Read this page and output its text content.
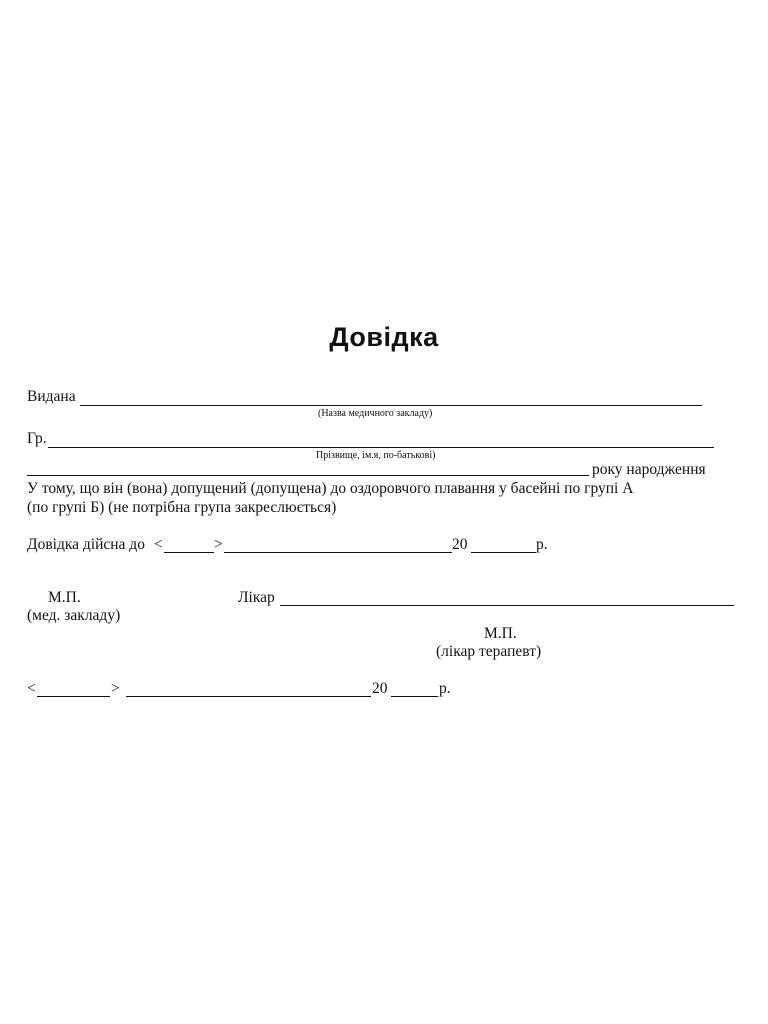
Довідка
Видана
(Назва медичного закладу)
Гр.
Прізвище, ім.я, по-батькові)
року народження
У тому, що він (вона) допущений (допущена) до оздоровчого плавання у басейні по групі А
(по групі Б) (не потрібна група закреслюється)
Довідка дійсна до <	>	20	р.
М.П.
(мед. закладу)
Лікар
М.П.
(лікар терапевт)
<	>	20	р.
